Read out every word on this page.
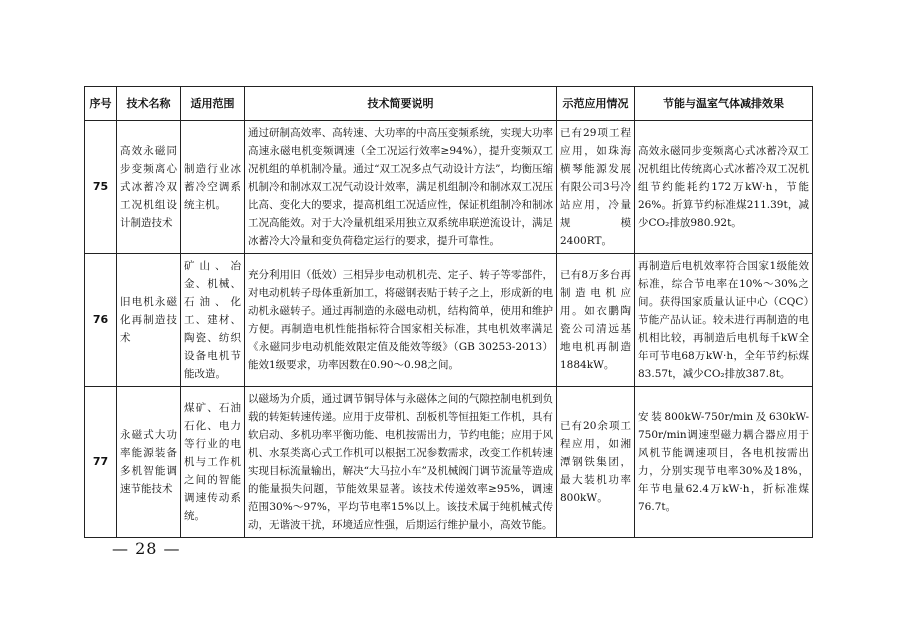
序号	技术名称	适用范围	技术简要说明	示范应用情况	节能与温室气体减排效果
75	高效永磁同步变频离心式冰蓄冷双工况机组设计制造技术	制造行业冰蓄冷空调系统主机。	通过研制高效率、高转速、大功率的中高压变频系统，实现大功率高速永磁电机变频调速（全工况运行效率≥94%），提升变频双工况机组的单机制冷量。通过“双工况多点气动设计方法”，均衡压缩机制冷和制冰双工况气动设计效率，满足机组制冷和制冰双工况压比高、变化大的要求，提高机组工况适应性，保证机组制冷和制冰工况高能效。对于大冷量机组采用独立双系统串联逆流设计，满足冰蓄冷大冷量和变负荷稳定运行的要求，提升可靠性。	已有29项工程应用，如珠海横琴能源发展有限公司3号冷站应用，冷量规模2400RT。	高效永磁同步变频离心式冰蓄冷双工况机组比传统离心式冰蓄冷双工况机组节约能耗约172万kW·h，节能26%。折算节约标准煤211.39t，减少CO₂排放980.92t。
76	旧电机永磁化再制造技术	矿山、冶金、机械、石油、化工、建材、陶瓷、纺织设备电机节能改造。	充分利用旧（低效）三相异步电动机机壳、定子、转子等零部件，对电动机转子母体重新加工，将磁钢表贴于转子之上，形成新的电动机永磁转子。通过再制造的永磁电动机，结构简单，使用和维护方便。再制造电机性能指标符合国家相关标准，其电机效率满足《永磁同步电动机能效限定值及能效等级》（GB 30253-2013）能效1级要求，功率因数在0.90～0.98之间。	已有8万多台再制造电机应用。如衣鹏陶瓷公司清远基地电机再制造1884kW。	再制造后电机效率符合国家1级能效标准，综合节电率在10%～30%之间。获得国家质量认证中心（CQC）节能产品认证。较未进行再制造的电机相比较，再制造后电机每千kW全年可节电68万kW·h，全年节约标煤83.57t，减少CO₂排放387.8t。
77	永磁式大功率能源装备多机智能调速节能技术	煤矿、石油石化、电力等行业的电机与工作机之间的智能调速传动系统。	以磁场为介质，通过调节铜导体与永磁体之间的气隙控制电机到负载的转矩转速传递。应用于皮带机、刮板机等恒扭矩工作机，具有软启动、多机功率平衡功能、电机按需出力，节约电能；应用于风机、水泵类离心式工作机可以根据工况参数需求，改变工作机转速实现目标流量输出，解决“大马拉小车”及机械阀门调节流量等造成的能量损失问题，节能效果显著。该技术传递效率≥95%，调速范围30%～97%，平均节电率15%以上。该技术属于纯机械式传动，无谐波干扰，环境适应性强，后期运行维护量小，高效节能。	已有20余项工程应用，如湘潭钢铁集团，最大装机功率800kW。	安装800kW-750r/min及630kW-750r/min调速型磁力耦合器应用于风机节能调速项目，各电机按需出力，分别实现节电率30%及18%，年节电量62.4万kW·h，折标准煤76.7t。
— 28 —
